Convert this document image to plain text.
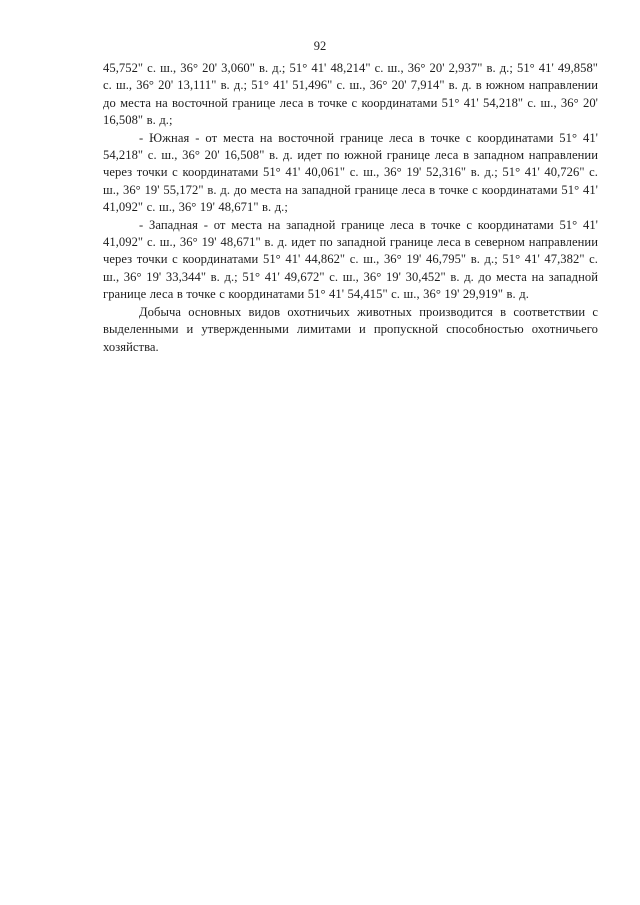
92

45,752" с. ш., 36° 20' 3,060" в. д.; 51° 41' 48,214" с. ш., 36° 20' 2,937" в. д.; 51° 41' 49,858" с. ш., 36° 20' 13,111" в. д.; 51° 41' 51,496" с. ш., 36° 20' 7,914" в. д. в южном направлении до места на восточной границе леса в точке с координатами 51° 41' 54,218" с. ш., 36° 20' 16,508" в. д.;

- Южная - от места на восточной границе леса в точке с координатами 51° 41' 54,218" с. ш., 36° 20' 16,508" в. д. идет по южной границе леса в западном направлении через точки с координатами 51° 41' 40,061" с. ш., 36° 19' 52,316" в. д.; 51° 41' 40,726" с. ш., 36° 19' 55,172" в. д. до места на западной границе леса в точке с координатами 51° 41' 41,092" с. ш., 36° 19' 48,671" в. д.;

- Западная - от места на западной границе леса в точке с координатами 51° 41' 41,092" с. ш., 36° 19' 48,671" в. д. идет по западной границе леса в северном направлении через точки с координатами 51° 41' 44,862" с. ш., 36° 19' 46,795" в. д.; 51° 41' 47,382" с. ш., 36° 19' 33,344" в. д.; 51° 41' 49,672" с. ш., 36° 19' 30,452" в. д. до места на западной границе леса в точке с координатами 51° 41' 54,415" с. ш., 36° 19' 29,919" в. д.

Добыча основных видов охотничьих животных производится в соответствии с выделенными и утвержденными лимитами и пропускной способностью охотничьего хозяйства.
